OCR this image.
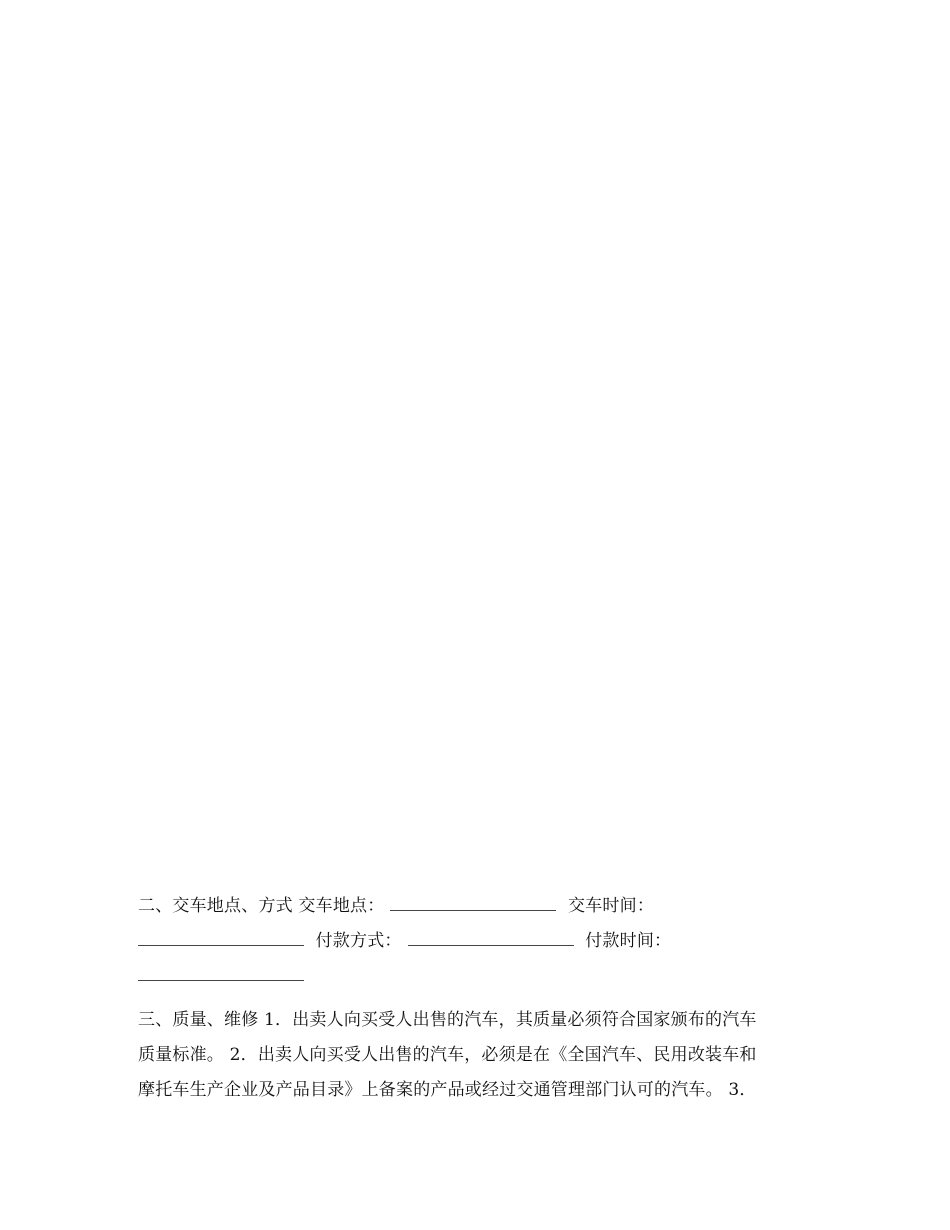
二、交车地点、方式 交车地点：	交车时间：
付款方式：	付款时间：
三、质量、维修 1．出卖人向买受人出售的汽车，其质量必须符合国家颁布的汽车
质量标准。 2．出卖人向买受人出售的汽车，必须是在《全国汽车、民用改装车和
摩托车生产企业及产品目录》上备案的产品或经过交通管理部门认可的汽车。 3．
